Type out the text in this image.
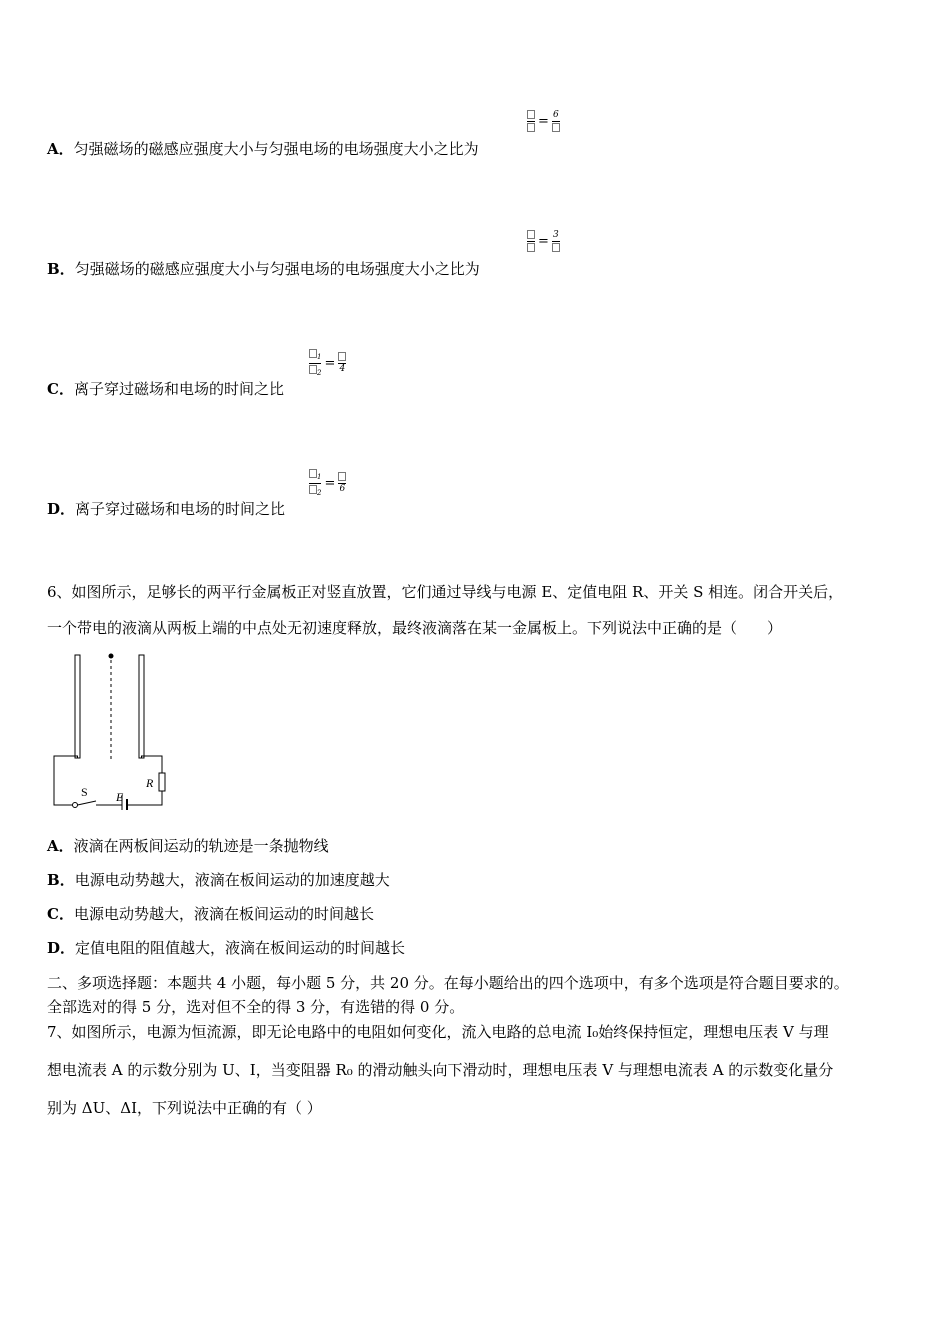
= 6
A．匀强磁场的磁感应强度大小与匀强电场的电场强度大小之比为
= 3
B．匀强磁场的磁感应强度大小与匀强电场的电场强度大小之比为
$\frac{_1}{_2} = 4$
C．离子穿过磁场和电场的时间之比
$\frac{_1}{_2} = 6$
D．离子穿过磁场和电场的时间之比
6、如图所示，足够长的两平行金属板正对竖直放置，它们通过导线与电源 E、定值电阻 R、开关 S 相连。闭合开关后，
一个带电的液滴从两板上端的中点处无初速度释放，最终液滴落在某一金属板上。下列说法中正确的是（　　）
S E
R
A．液滴在两板间运动的轨迹是一条抛物线
B．电源电动势越大，液滴在板间运动的加速度越大
C．电源电动势越大，液滴在板间运动的时间越长
D．定值电阻的阻值越大，液滴在板间运动的时间越长
二、多项选择题：本题共 4 小题，每小题 5 分，共 20 分。在每小题给出的四个选项中，有多个选项是符合题目要求的。
全部选对的得 5 分，选对但不全的得 3 分，有选错的得 0 分。
7、如图所示，电源为恒流源，即无论电路中的电阻如何变化，流入电路的总电流 I₀始终保持恒定，理想电压表 V 与理
想电流表 A 的示数分别为 U、I，当变阻器 R₀ 的滑动触头向下滑动时，理想电压表 V 与理想电流表 A 的示数变化量分
别为 ΔU、ΔI，下列说法中正确的有（ ）
